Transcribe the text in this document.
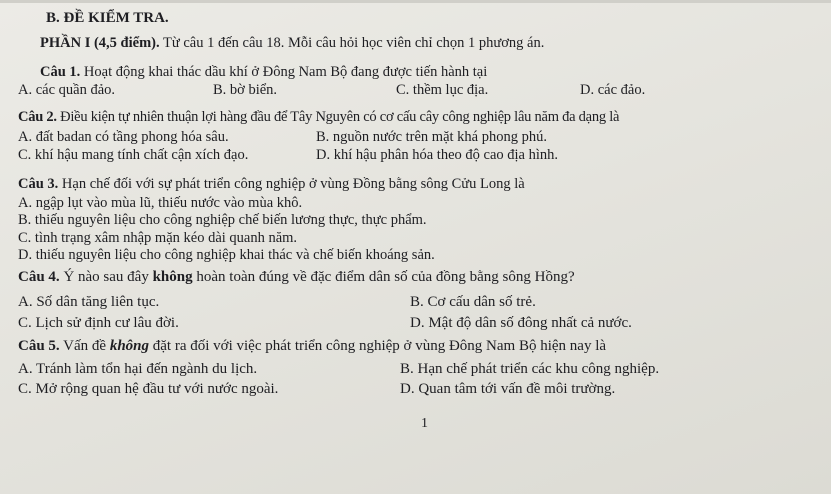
B. ĐỀ KIỂM TRA.
PHẦN I (4,5 điểm). Từ câu 1 đến câu 18. Mỗi câu hỏi học viên chỉ chọn 1 phương án.
Câu 1. Hoạt động khai thác dầu khí ở Đông Nam Bộ đang được tiến hành tại
A. các quần đảo.	B. bờ biển.	C. thềm lục địa.	D. các đảo.
Câu 2. Điều kiện tự nhiên thuận lợi hàng đầu để Tây Nguyên có cơ cấu cây công nghiệp lâu năm đa dạng là
A. đất badan có tầng phong hóa sâu.	B. nguồn nước trên mặt khá phong phú.
C. khí hậu mang tính chất cận xích đạo.	D. khí hậu phân hóa theo độ cao địa hình.
Câu 3. Hạn chế đối với sự phát triển công nghiệp ở vùng Đồng bằng sông Cửu Long là
A. ngập lụt vào mùa lũ, thiếu nước vào mùa khô.
B. thiếu nguyên liệu cho công nghiệp chế biến lương thực, thực phẩm.
C. tình trạng xâm nhập mặn kéo dài quanh năm.
D. thiếu nguyên liệu cho công nghiệp khai thác và chế biến khoáng sản.
Câu 4. Ý nào sau đây không hoàn toàn đúng về đặc điểm dân số của đồng bằng sông Hồng?
A. Số dân tăng liên tục.	B. Cơ cấu dân số trẻ.
C. Lịch sử định cư lâu đời.	D. Mật độ dân số đông nhất cả nước.
Câu 5. Vấn đề không đặt ra đối với việc phát triển công nghiệp ở vùng Đông Nam Bộ hiện nay là
A. Tránh làm tổn hại đến ngành du lịch.	B. Hạn chế phát triển các khu công nghiệp.
C. Mở rộng quan hệ đầu tư với nước ngoài.	D. Quan tâm tới vấn đề môi trường.
1
